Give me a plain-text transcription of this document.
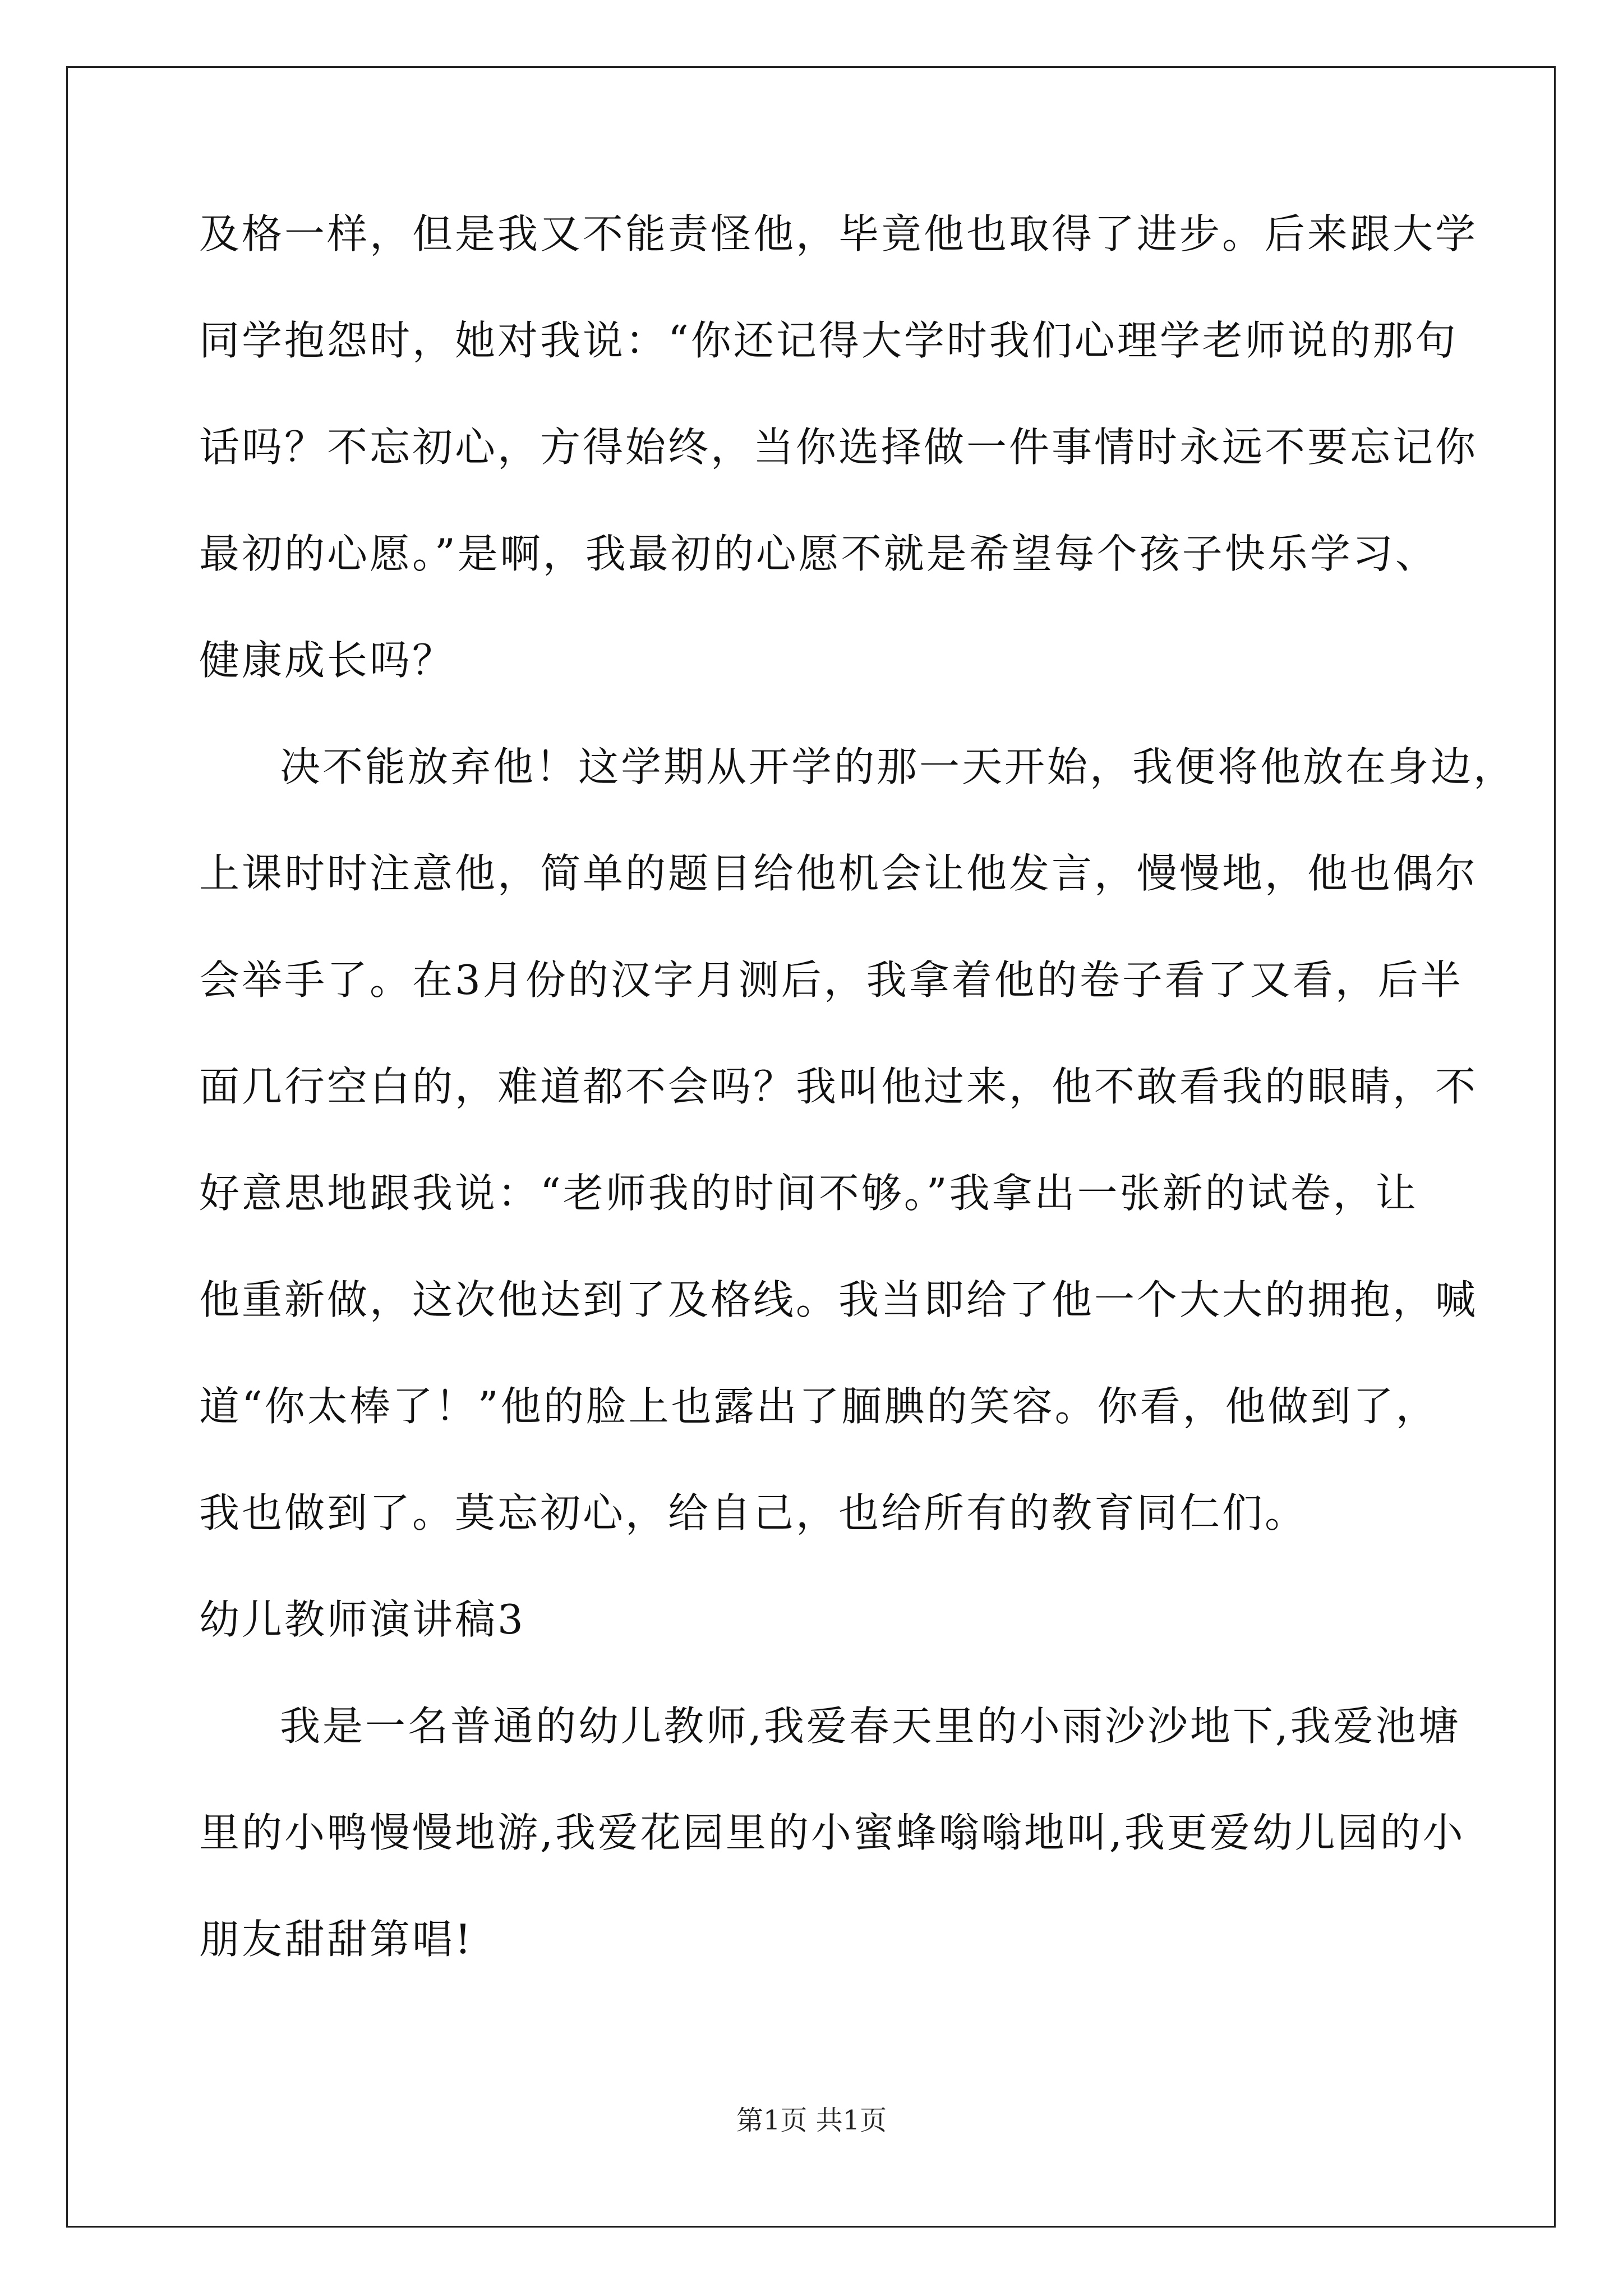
及格一样，但是我又不能责怪他，毕竟他也取得了进步。后来跟大学
同学抱怨时，她对我说：“你还记得大学时我们心理学老师说的那句
话吗？不忘初心，方得始终，当你选择做一件事情时永远不要忘记你
最初的心愿。”是啊，我最初的心愿不就是希望每个孩子快乐学习、
健康成长吗？
决不能放弃他！这学期从开学的那一天开始，我便将他放在身边，
上课时时注意他，简单的题目给他机会让他发言，慢慢地，他也偶尔
会举手了。在3月份的汉字月测后，我拿着他的卷子看了又看，后半
面几行空白的，难道都不会吗？我叫他过来，他不敢看我的眼睛，不
好意思地跟我说：“老师我的时间不够。”我拿出一张新的试卷，让
他重新做，这次他达到了及格线。我当即给了他一个大大的拥抱，喊
道“你太棒了！”他的脸上也露出了腼腆的笑容。你看，他做到了，
我也做到了。莫忘初心，给自己，也给所有的教育同仁们。
幼儿教师演讲稿3
我是一名普通的幼儿教师,我爱春天里的小雨沙沙地下,我爱池塘
里的小鸭慢慢地游,我爱花园里的小蜜蜂嗡嗡地叫,我更爱幼儿园的小
朋友甜甜第唱!
第1页 共1页
